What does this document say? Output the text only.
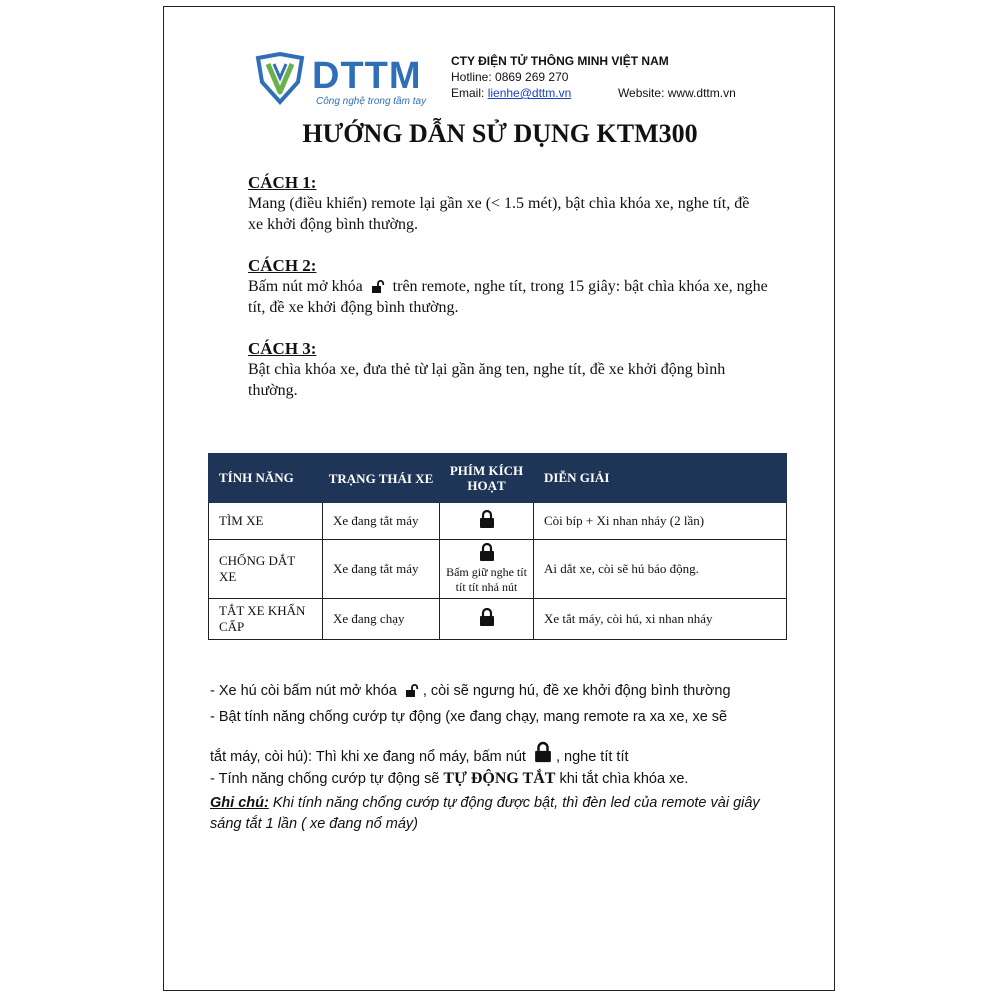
DTTM
Công nghệ trong tầm tay
CTY ĐIỆN TỬ THÔNG MINH VIỆT NAM
Hotline: 0869 269 270
Email: lienhe@dttm.vn	Website: www.dttm.vn
HƯỚNG DẪN SỬ DỤNG KTM300
CÁCH 1:
Mang (điều khiển) remote lại gần xe (< 1.5 mét), bật chìa khóa xe, nghe tít, đề xe khởi động bình thường.
CÁCH 2:
Bấm nút mở khóa trên remote, nghe tít, trong 15 giây: bật chìa khóa xe, nghe tít, đề xe khởi động bình thường.
CÁCH 3:
Bật chìa khóa xe, đưa thẻ từ lại gần ăng ten, nghe tít, đề xe khởi động bình thường.
TÍNH NĂNG	TRẠNG THÁI XE	PHÍM KÍCH HOẠT	DIỄN GIẢI
TÌM XE	Xe đang tắt máy		Còi bíp + Xi nhan nháy (2 lần)
CHỐNG DẮT XE	Xe đang tắt máy	Bấm giữ nghe tít tít tít nhả nút	Ai dắt xe, còi sẽ hú báo động.
TẮT XE KHẨN CẤP	Xe đang chạy		Xe tắt máy, còi hú, xi nhan nháy
- Xe hú còi bấm nút mở khóa , còi sẽ ngưng hú, đề xe khởi động bình thường
- Bật tính năng chống cướp tự động (xe đang chạy, mang remote ra xa xe, xe sẽ
tắt máy, còi hú): Thì khi xe đang nổ máy, bấm nút , nghe tít tít
- Tính năng chống cướp tự động sẽ TỰ ĐỘNG TẮT khi tắt chìa khóa xe.
Ghi chú: Khi tính năng chống cướp tự động được bật, thì đèn led của remote vài giây sáng tắt 1 lần ( xe đang nổ máy)
